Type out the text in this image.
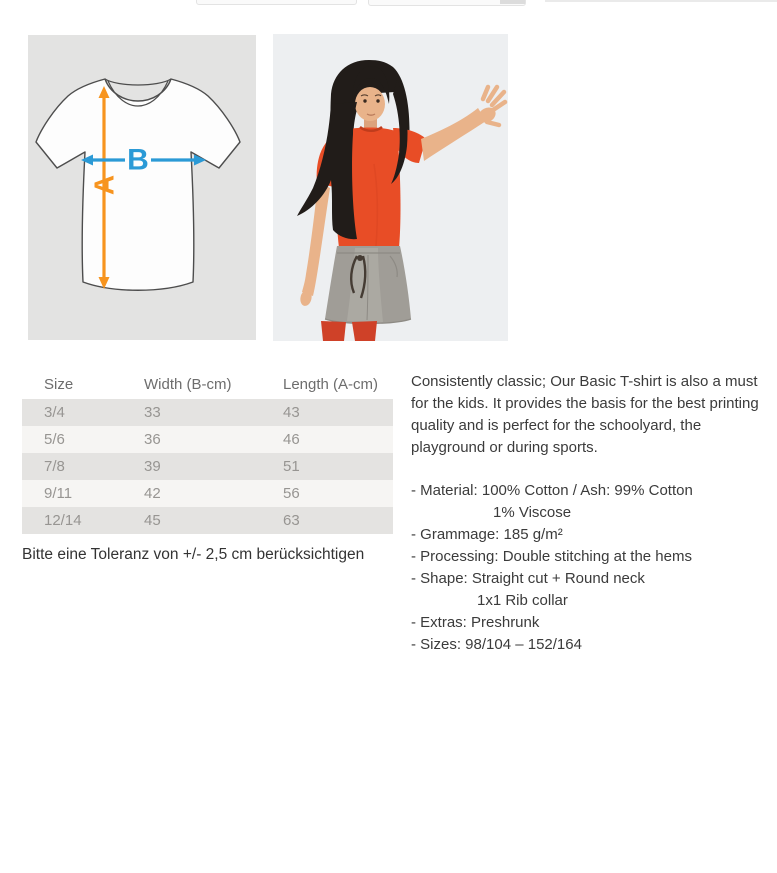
A
B
Size	Width (B-cm)	Length (A-cm)
3/4	33	43
5/6	36	46
7/8	39	51
9/11	42	56
12/14	45	63
Bitte eine Toleranz von +/- 2,5 cm berücksichtigen

Consistently classic; Our Basic T-shirt is also a must for the kids. It provides the basis for the best printing quality and is perfect for the schoolyard, the playground or during sports.

- Material: 100% Cotton / Ash: 99% Cotton
1% Viscose
- Grammage: 185 g/m²
- Processing: Double stitching at the hems
- Shape: Straight cut + Round neck
1x1 Rib collar
- Extras: Preshrunk
- Sizes: 98/104 – 152/164
